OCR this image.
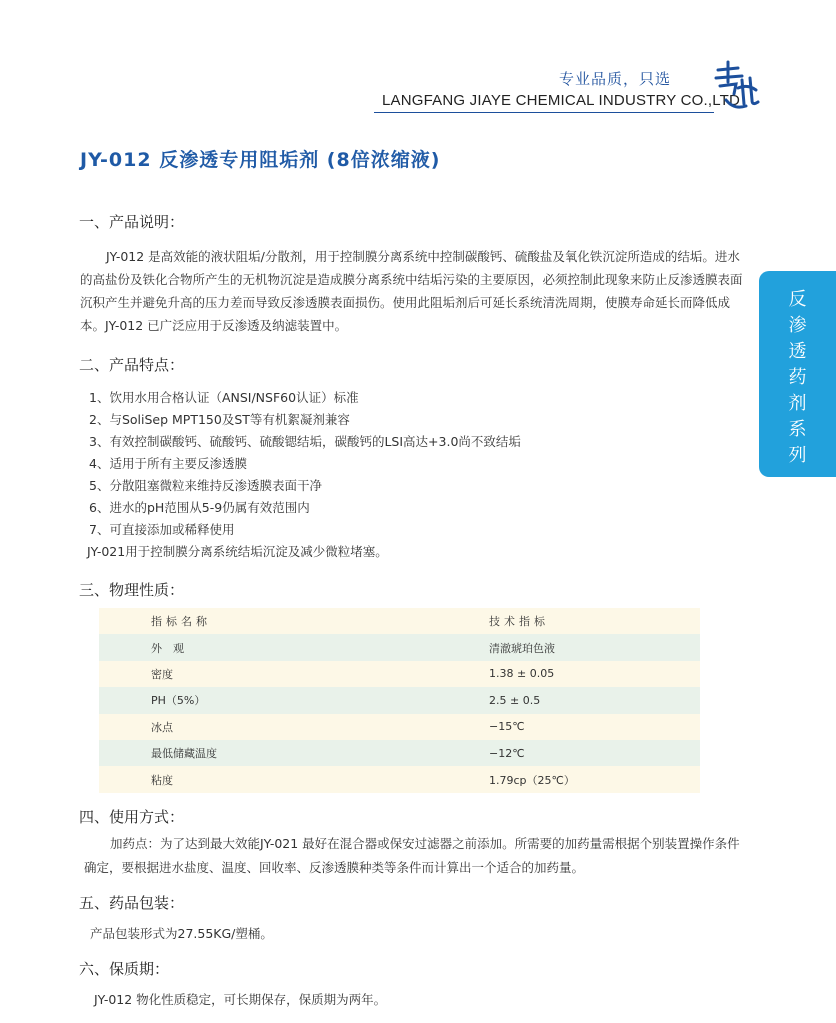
专业品质，只选
LANGFANG JIAYE CHEMICAL INDUSTRY CO.,LTD
JY-012 反渗透专用阻垢剂 (8倍浓缩液)
一、产品说明：
JY-012 是高效能的液状阻垢/分散剂，用于控制膜分离系统中控制碳酸钙、硫酸盐及氧化铁沉淀所造成的结垢。进水的高盐份及铁化合物所产生的无机物沉淀是造成膜分离系统中结垢污染的主要原因，必须控制此现象来防止反渗透膜表面沉积产生并避免升高的压力差而导致反渗透膜表面损伤。使用此阻垢剂后可延长系统清洗周期，使膜寿命延长而降低成本。JY-012 已广泛应用于反渗透及纳滤装置中。
二、产品特点：
1、饮用水用合格认证（ANSI/NSF60认证）标准
2、与SoliSep MPT150及ST等有机絮凝剂兼容
3、有效控制碳酸钙、硫酸钙、硫酸锶结垢，碳酸钙的LSI高达+3.0尚不致结垢
4、适用于所有主要反渗透膜
5、分散阻塞微粒来维持反渗透膜表面干净
6、进水的pH范围从5-9仍属有效范围内
7、可直接添加或稀释使用
JY-021用于控制膜分离系统结垢沉淀及减少微粒堵塞。
反
渗
透
药
剂
系
列
三、物理性质：
指标名称	技术指标
外　观	清澈琥珀色液
密度	1.38 ± 0.05
PH（5%）	2.5 ± 0.5
冰点	−15℃
最低储藏温度	−12℃
粘度	1.79cp（25℃）
四、使用方式：
加药点：为了达到最大效能JY-021 最好在混合器或保安过滤器之前添加。所需要的加药量需根据个别装置操作条件确定，要根据进水盐度、温度、回收率、反渗透膜种类等条件而计算出一个适合的加药量。
五、药品包装：
产品包装形式为27.55KG/塑桶。
六、保质期：
JY-012 物化性质稳定，可长期保存，保质期为两年。
